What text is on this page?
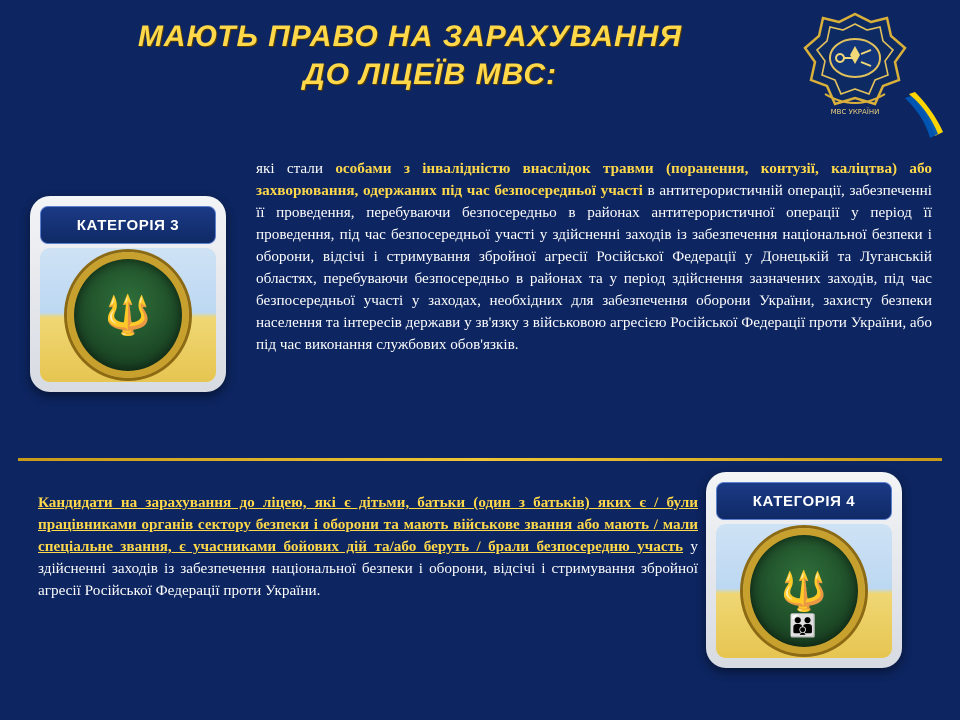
МАЮТЬ ПРАВО НА ЗАРАХУВАННЯ
ДО ЛІЦЕЇВ МВС:
МВС УКРАЇНИ
КАТЕГОРІЯ 3
🔱
які стали особами з інвалідністю внаслідок травми (поранення, контузії, каліцтва) або захворювання, одержаних під час безпосередньої участі в антитерористичній операції, забезпеченні її проведення, перебуваючи безпосередньо в районах антитерористичної операції у період її проведення, під час безпосередньої участі у здійсненні заходів із забезпечення національної безпеки і оборони, відсічі і стримування збройної агресії Російської Федерації у Донецькій та Луганській областях, перебуваючи безпосередньо в районах та у період здійснення зазначених заходів, під час безпосередньої участі у заходах, необхідних для забезпечення оборони України, захисту безпеки населення та інтересів держави у зв'язку з військовою агресією Російської Федерації проти України, або під час виконання службових обов'язків.
КАТЕГОРІЯ 4
🔱
👪
Кандидати на зарахування до ліцею, які є дітьми, батьки (один з батьків) яких є / були працівниками органів сектору безпеки і оборони та мають військове звання або мають / мали спеціальне звання, є учасниками бойових дій та/або беруть / брали безпосередню участь у здійсненні заходів із забезпечення національної безпеки і оборони, відсічі і стримування збройної агресії Російської Федерації проти України.
